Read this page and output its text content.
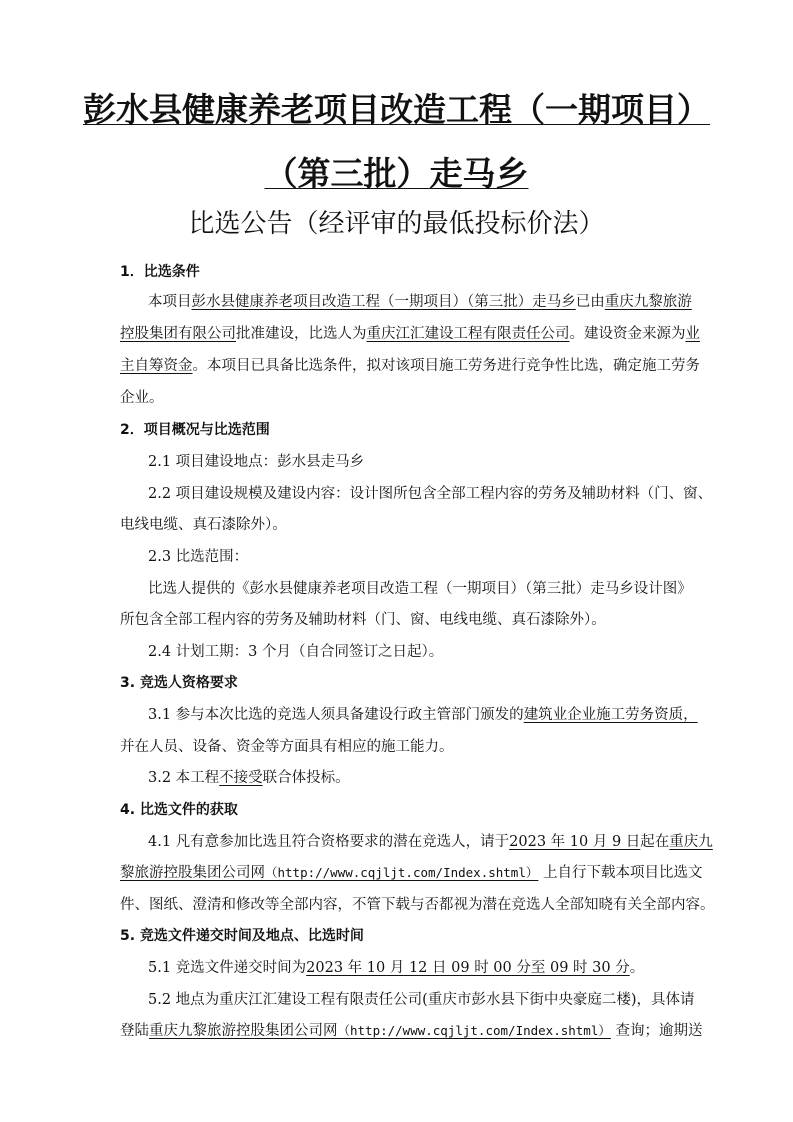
彭水县健康养老项目改造工程（一期项目）
（第三批）走马乡
比选公告（经评审的最低投标价法）
1．比选条件
本项目彭水县健康养老项目改造工程（一期项目）（第三批）走马乡已由重庆九黎旅游
控股集团有限公司批准建设，比选人为重庆江汇建设工程有限责任公司。建设资金来源为业
主自筹资金。本项目已具备比选条件，拟对该项目施工劳务进行竞争性比选，确定施工劳务
企业。
2．项目概况与比选范围
2.1 项目建设地点：彭水县走马乡
2.2 项目建设规模及建设内容：设计图所包含全部工程内容的劳务及辅助材料（门、窗、
电线电缆、真石漆除外）。
2.3 比选范围：
比选人提供的《彭水县健康养老项目改造工程（一期项目）（第三批）走马乡设计图》
所包含全部工程内容的劳务及辅助材料（门、窗、电线电缆、真石漆除外）。
2.4 计划工期：3 个月（自合同签订之日起）。
3. 竞选人资格要求
3.1 参与本次比选的竞选人须具备建设行政主管部门颁发的建筑业企业施工劳务资质，
并在人员、设备、资金等方面具有相应的施工能力。
3.2 本工程不接受联合体投标。
4. 比选文件的获取
4.1 凡有意参加比选且符合资格要求的潜在竞选人，请于2023 年 10 月 9 日起在重庆九
黎旅游控股集团公司网（http://www.cqjljt.com/Index.shtml） 上自行下载本项目比选文
件、图纸、澄清和修改等全部内容，不管下载与否都视为潜在竞选人全部知晓有关全部内容。
5. 竞选文件递交时间及地点、比选时间
5.1 竞选文件递交时间为2023 年 10 月 12 日 09 时 00 分至 09 时 30 分。
5.2 地点为重庆江汇建设工程有限责任公司(重庆市彭水县下街中央豪庭二楼)，具体请
登陆重庆九黎旅游控股集团公司网（http://www.cqjljt.com/Index.shtml） 查询；逾期送
